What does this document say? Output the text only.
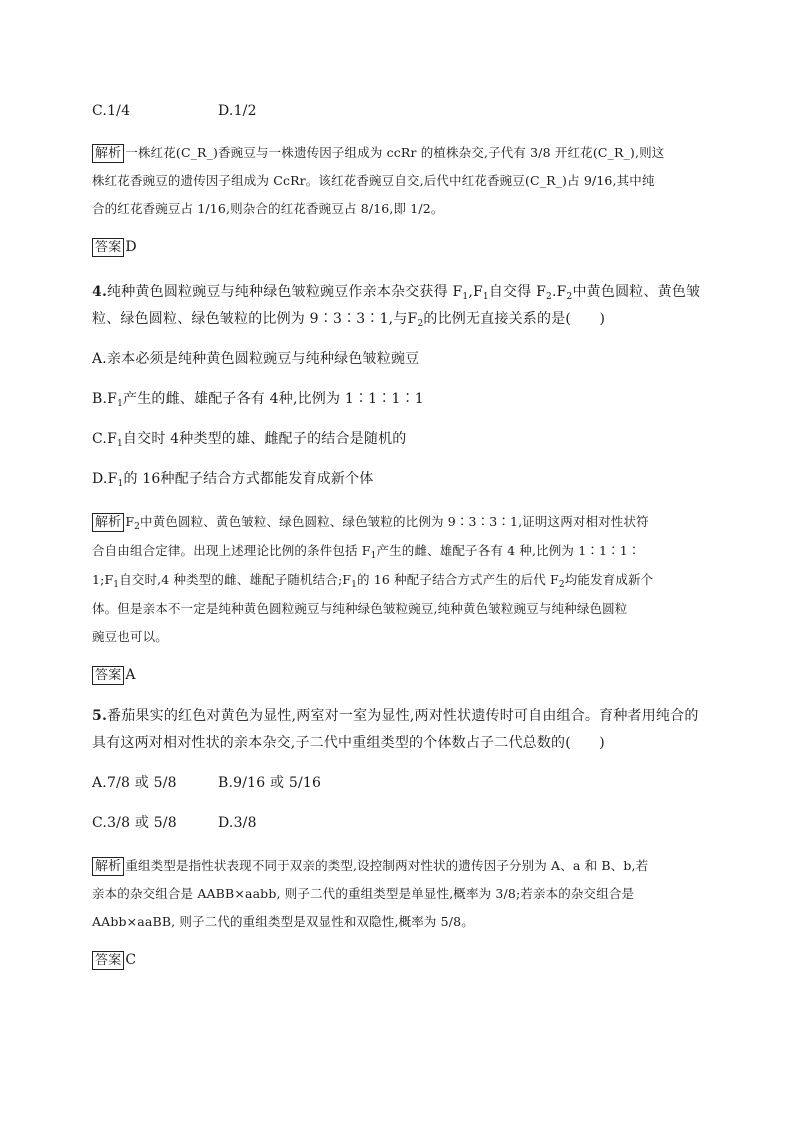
C.1/4	D.1/2
解析 一株红花(C_R_)香豌豆与一株遗传因子组成为 ccRr 的植株杂交,子代有 3/8 开红花(C_R_),则这
株红花香豌豆的遗传因子组成为 CcRr。该红花香豌豆自交,后代中红花香豌豆(C_R_)占 9/16,其中纯
合的红花香豌豆占 1/16,则杂合的红花香豌豆占 8/16,即 1/2。
答案 D
4.纯种黄色圆粒豌豆与纯种绿色皱粒豌豆作亲本杂交获得 $F_1,F_1$自交得 $F_2.F_2$中黄色圆粒、黄色皱
粒、绿色圆粒、绿色皱粒的比例为 9∶3∶3∶1,与$F_2$的比例无直接关系的是(　　)
A.亲本必须是纯种黄色圆粒豌豆与纯种绿色皱粒豌豆
$B.F_1$产生的雌、雄配子各有 4种,比例为 1∶1∶1∶1
$C.F_1$自交时 4种类型的雄、雌配子的结合是随机的
$D.F_1$的 16种配子结合方式都能发育成新个体
解析 $F_2$中黄色圆粒、黄色皱粒、绿色圆粒、绿色皱粒的比例为 9∶3∶3∶1,证明这两对相对性状符
合自由组合定律。出现上述理论比例的条件包括 $F_1$产生的雌、雄配子各有 4 种,比例为 1∶1∶1∶
$1;F_1$自交时,4 种类型的雌、雄配子随机结合$;F_1$的 16 种配子结合方式产生的后代 $F_2$均能发育成新个
体。但是亲本不一定是纯种黄色圆粒豌豆与纯种绿色皱粒豌豆,纯种黄色皱粒豌豆与纯种绿色圆粒
豌豆也可以。
答案 A
5.番茄果实的红色对黄色为显性,两室对一室为显性,两对性状遗传时可自由组合。育种者用纯合的
具有这两对相对性状的亲本杂交,子二代中重组类型的个体数占子二代总数的(　　)
A.7/8 或 5/8	B.9/16 或 5/16
C.3/8 或 5/8	D.3/8
解析 重组类型是指性状表现不同于双亲的类型,设控制两对性状的遗传因子分别为 A、a 和 B、b,若
亲本的杂交组合是 AABB×aabb, 则子二代的重组类型是单显性,概率为 3/8;若亲本的杂交组合是
AAbb×aaBB, 则子二代的重组类型是双显性和双隐性,概率为 5/8。
答案 C
